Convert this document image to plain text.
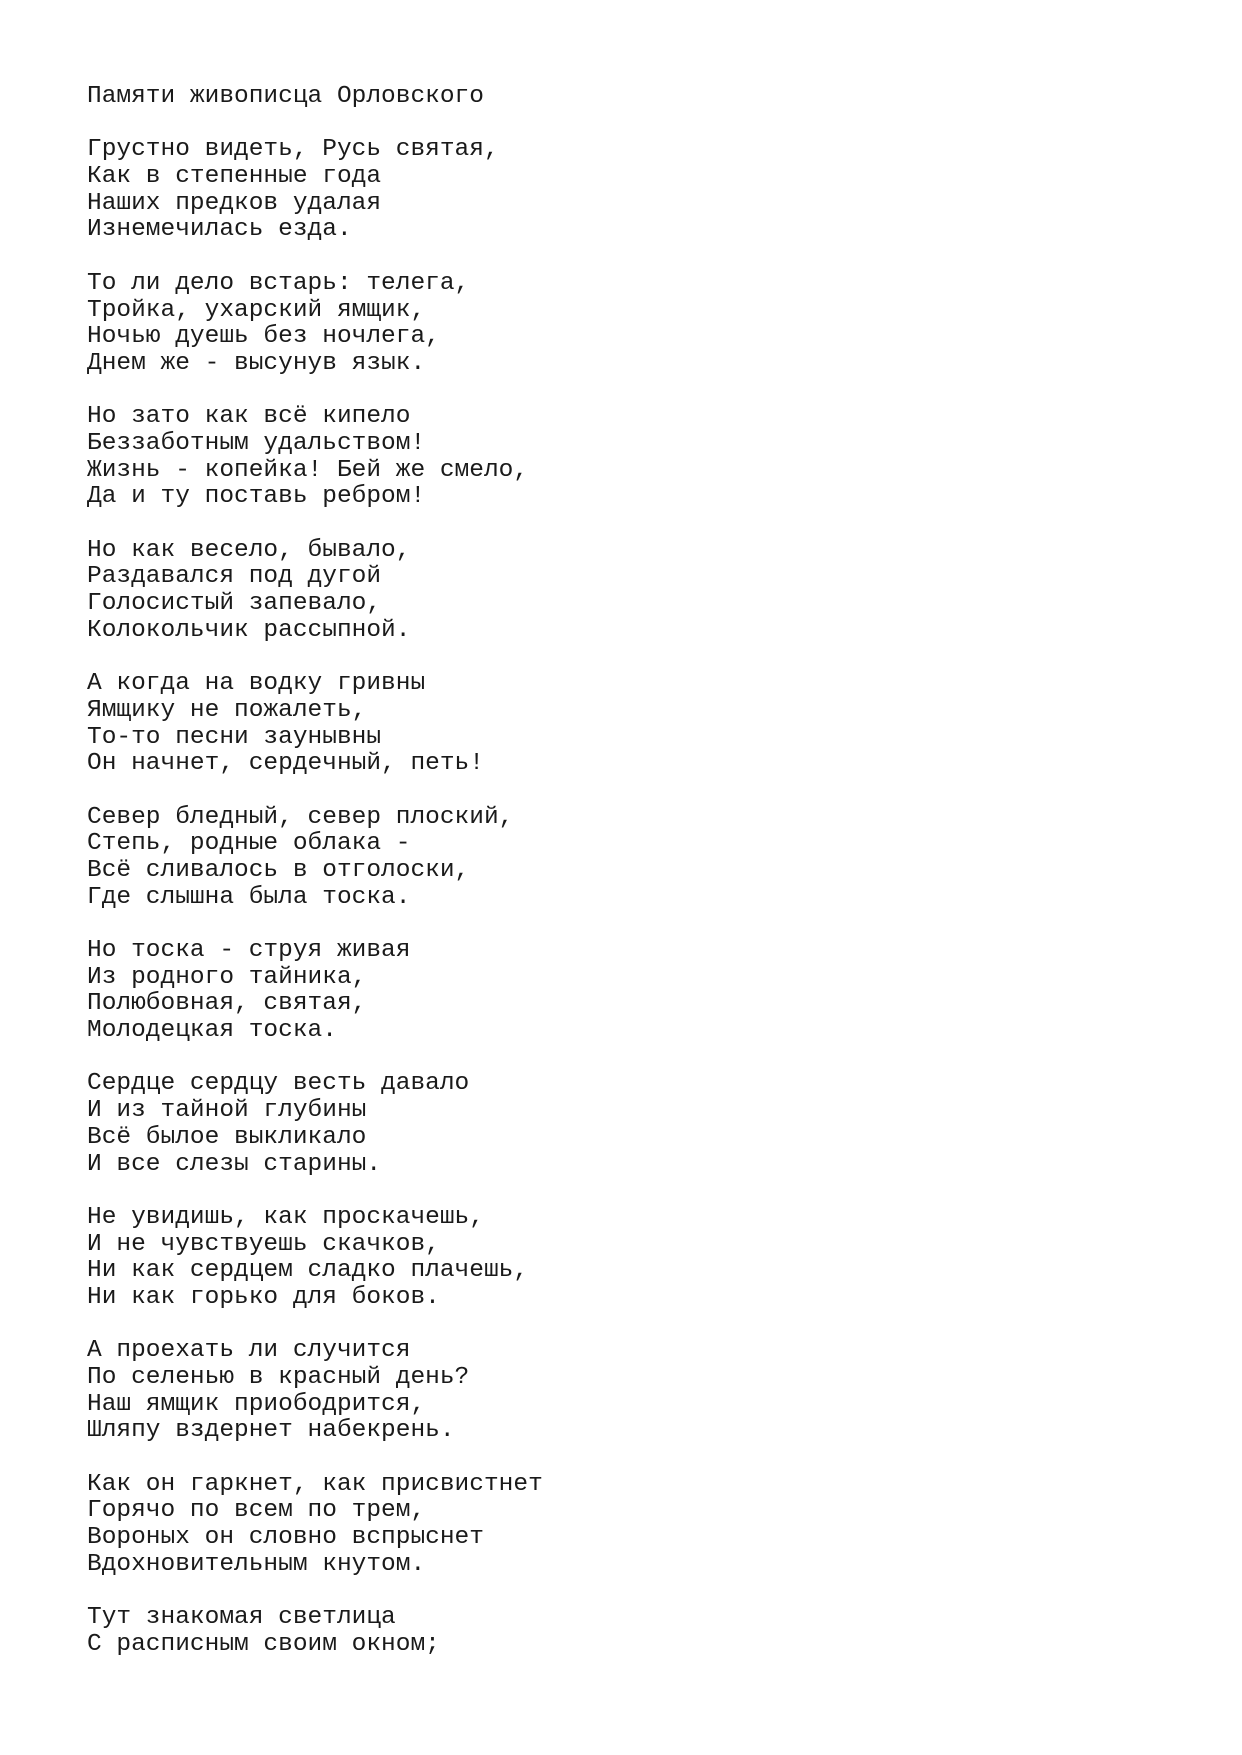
Памяти живописца Орловского
Грустно видеть, Русь святая,
Как в степенные года
Наших предков удалая
Изнемечилась езда.
То ли дело встарь: телега,
Тройка, ухарский ямщик,
Ночью дуешь без ночлега,
Днем же - высунув язык.
Но зато как всё кипело
Беззаботным удальством!
Жизнь - копейка! Бей же смело,
Да и ту поставь ребром!
Но как весело, бывало,
Раздавался под дугой
Голосистый запевало,
Колокольчик рассыпной.
А когда на водку гривны
Ямщику не пожалеть,
То-то песни заунывны
Он начнет, сердечный, петь!
Север бледный, север плоский,
Степь, родные облака -
Всё сливалось в отголоски,
Где слышна была тоска.
Но тоска - струя живая
Из родного тайника,
Полюбовная, святая,
Молодецкая тоска.
Сердце сердцу весть давало
И из тайной глубины
Всё былое выкликало
И все слезы старины.
Не увидишь, как проскачешь,
И не чувствуешь скачков,
Ни как сердцем сладко плачешь,
Ни как горько для боков.
А проехать ли случится
По селенью в красный день?
Наш ямщик приободрится,
Шляпу вздернет набекрень.
Как он гаркнет, как присвистнет
Горячо по всем по трем,
Вороных он словно вспрыснет
Вдохновительным кнутом.
Тут знакомая светлица
С расписным своим окном;
